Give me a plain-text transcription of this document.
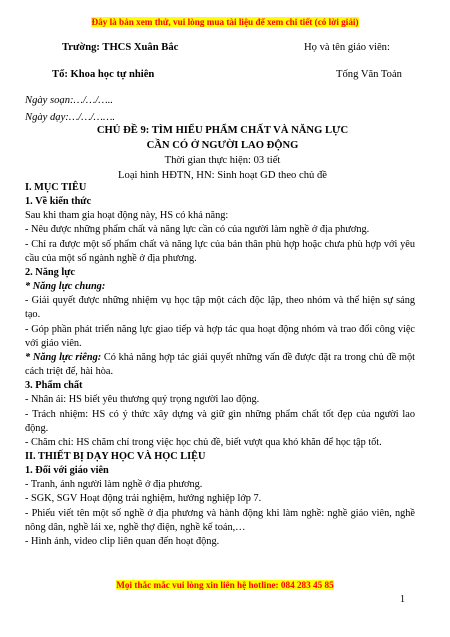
Đây là bản xem thử, vui lòng mua tài liệu để xem chi tiết (có lời giải)
Trường: THCS Xuân Bắc	Họ và tên giáo viên:
Tổ: Khoa học tự nhiên	Tống Văn Toản
Ngày soạn:…/…/…..
Ngày dạy:…/…/…….
CHỦ ĐỀ 9: TÌM HIỂU PHẨM CHẤT VÀ NĂNG LỰC
CẦN CÓ Ở NGƯỜI LAO ĐỘNG
Thời gian thực hiện: 03 tiết
Loại hình HĐTN, HN: Sinh hoạt GD theo chủ đề

I. MỤC TIÊU

1. Về kiến thức

Sau khi tham gia hoạt động này, HS có khả năng:

- Nêu được những phẩm chất và năng lực cần có của người làm nghề ở địa phương.

- Chỉ ra được một số phẩm chất và năng lực của bản thân phù hợp hoặc chưa phù hợp với yêu cầu của một số ngành nghề ở địa phương.

2. Năng lực

* Năng lực chung:

- Giải quyết được những nhiệm vụ học tập một cách độc lập, theo nhóm và thể hiện sự sáng tạo.

- Góp phần phát triển năng lực giao tiếp và hợp tác qua hoạt động nhóm và trao đổi công việc với giáo viên.

* Năng lực riêng: Có khả năng hợp tác giải quyết những vấn đề được đặt ra trong chủ đề một cách triệt để, hài hòa.

3. Phẩm chất

- Nhân ái: HS biết yêu thương quý trọng người lao động.

- Trách nhiệm: HS có ý thức xây dựng và giữ gìn những phẩm chất tốt đẹp của người lao động.

- Chăm chỉ: HS chăm chỉ trong việc học chủ đề, biết vượt qua khó khăn để học tập tốt.

II. THIẾT BỊ DẠY HỌC VÀ HỌC LIỆU

1. Đối với giáo viên

- Tranh, ảnh người làm nghề ở địa phương.

- SGK, SGV Hoạt động trải nghiệm, hướng nghiệp lớp 7.

- Phiếu viết tên một số nghề ở địa phương và hành động khi làm nghề: nghề giáo viên, nghề nông dân, nghề lái xe, nghề thợ điện, nghề kế toán,…

- Hình ảnh, video clip liên quan đến hoạt động.

Mọi thắc mắc vui lòng xin liên hệ hotline: 084 283 45 85
1
